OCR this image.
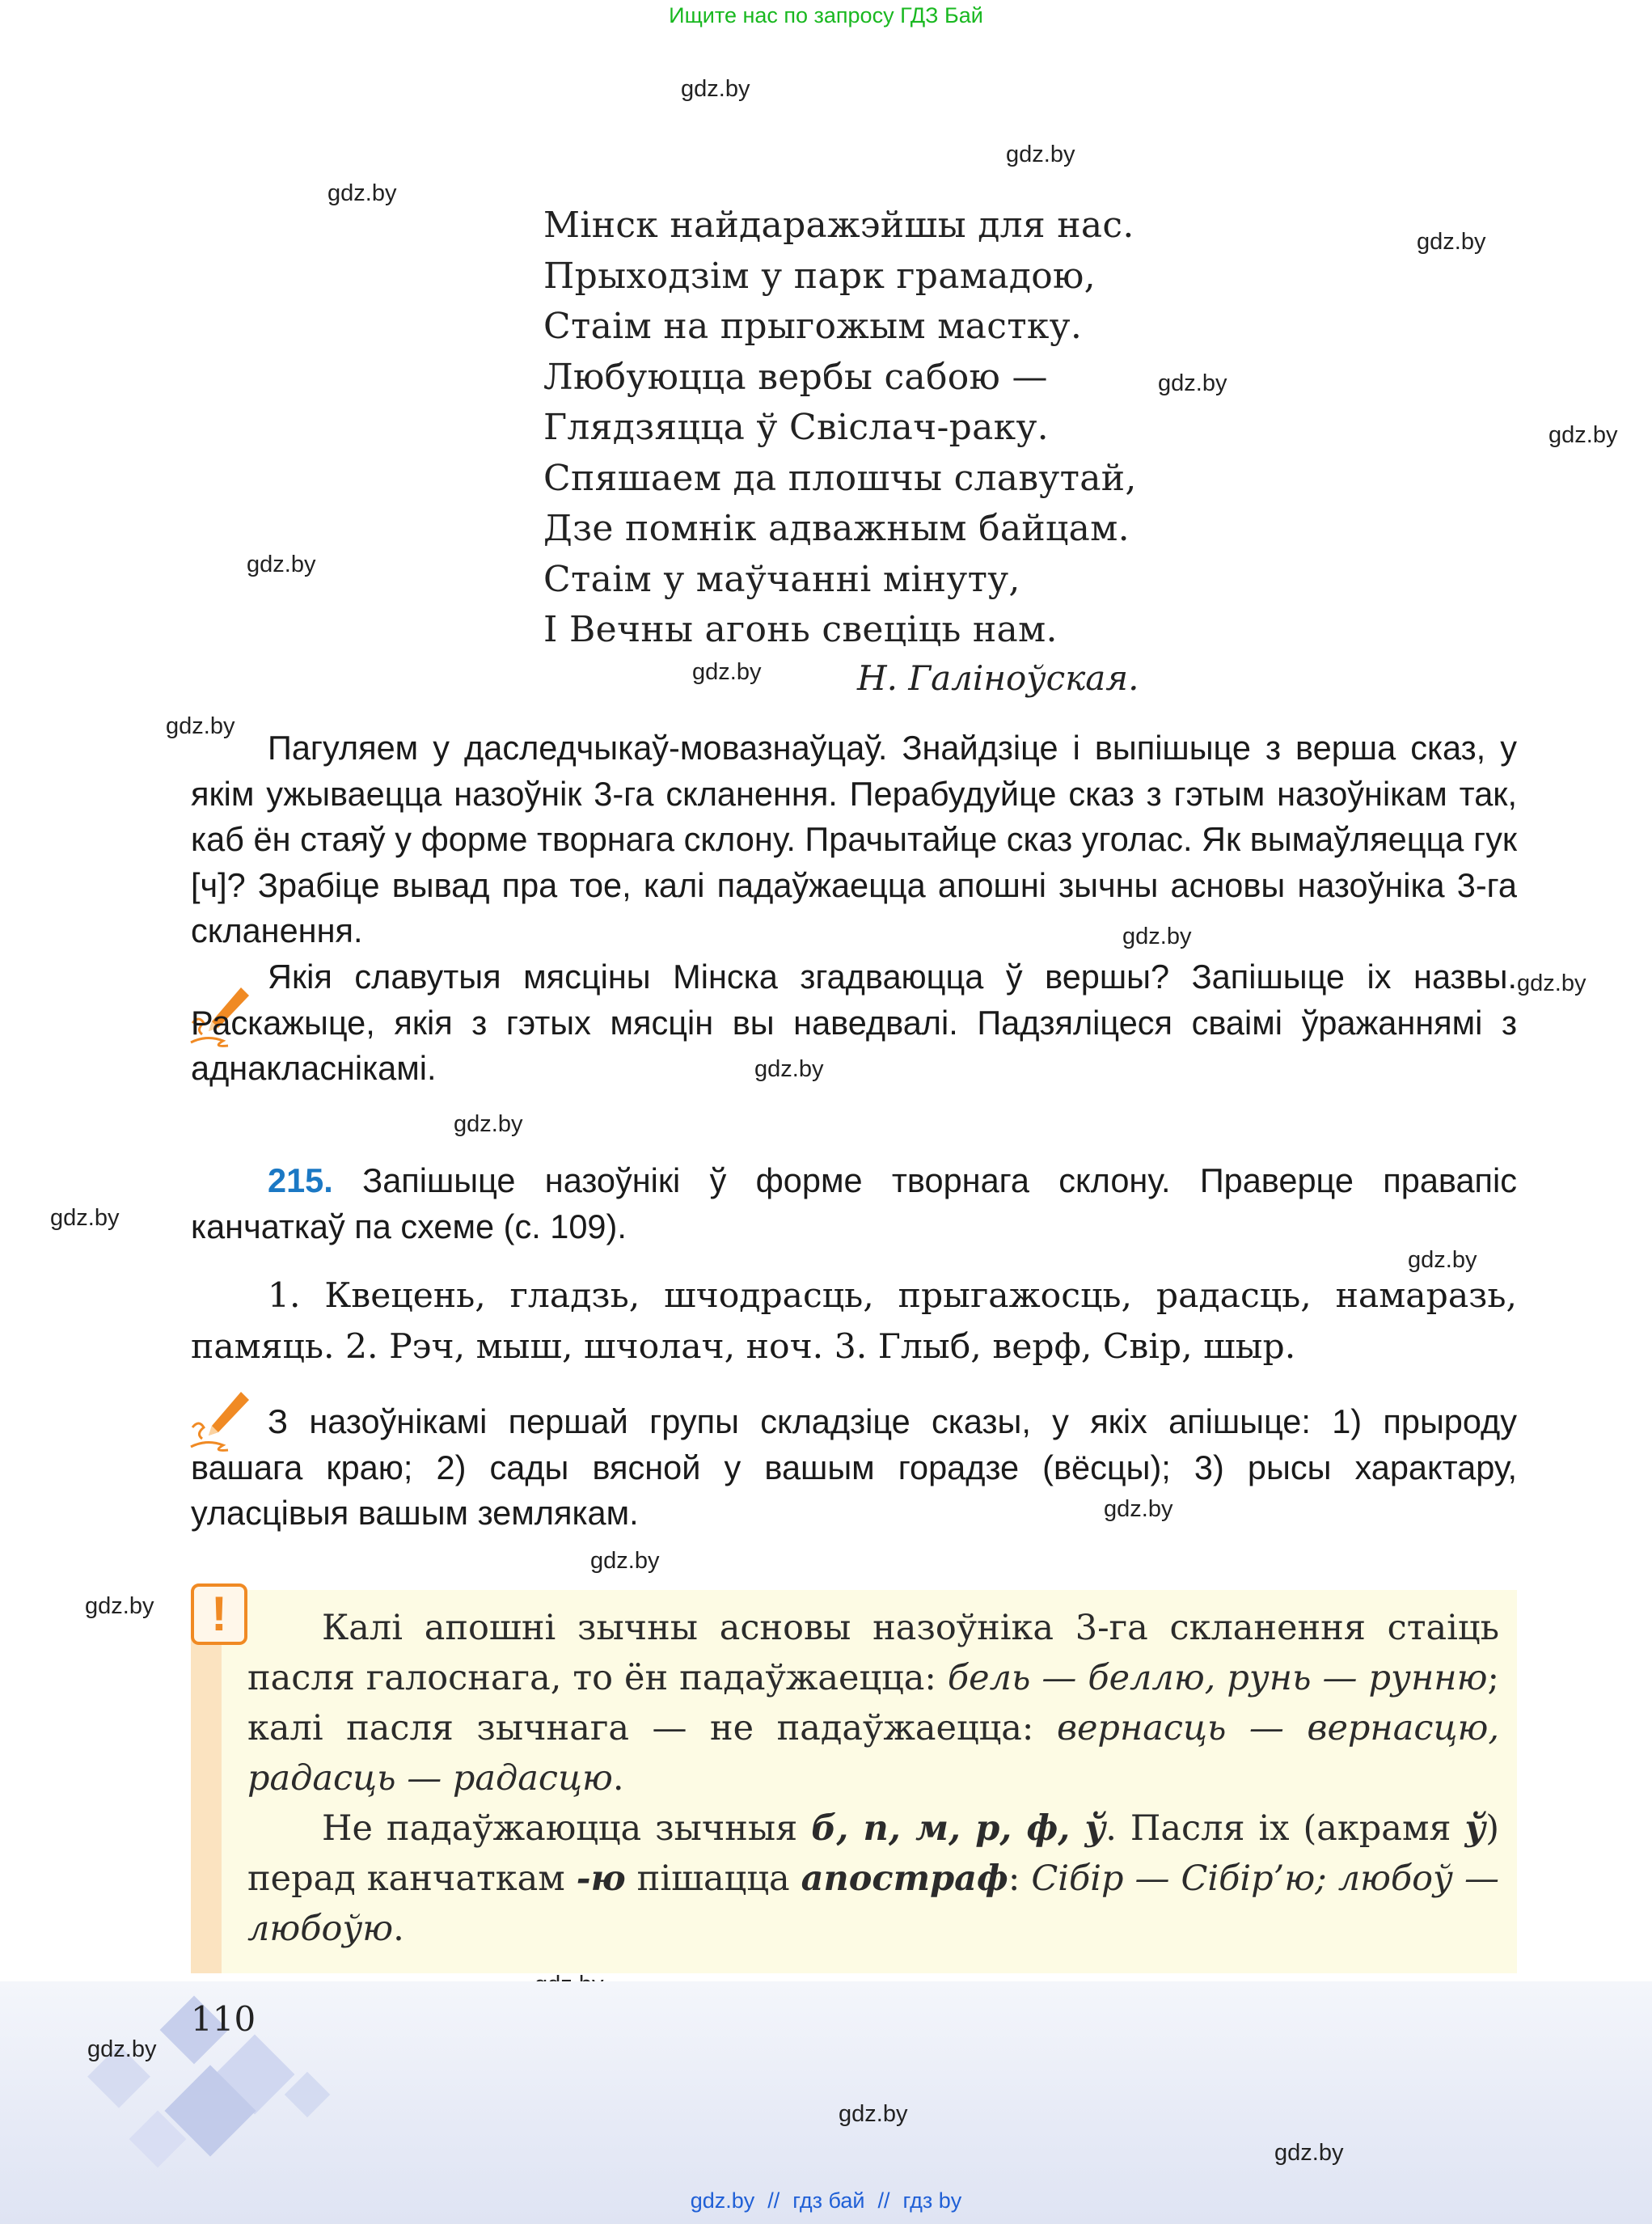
Ищите нас по запросу ГДЗ Бай
gdz.by
gdz.by
gdz.by
gdz.by
gdz.by
gdz.by
gdz.by
gdz.by
gdz.by
gdz.by
gdz.by
gdz.by
gdz.by
gdz.by
gdz.by
gdz.by
gdz.by
gdz.by
Мінск найдаражэйшы для нас.
Прыходзім у парк грамадою,
Стаім на прыгожым мастку.
Любуюцца вербы сабою —
Глядзяцца ў Свіслач-раку.
Спяшаем да плошчы славутай,
Дзе помнік адважным байцам.
Стаім у маўчанні мінуту,
І Вечны агонь свеціць нам.
Н. Галіноўская.
Пагуляем у даследчыкаў-мовазнаўцаў. Знайдзіце і выпішыце з верша сказ, у якім ужываецца назоўнік 3-га скланення. Перабудуйце сказ з гэтым назоўнікам так, каб ён стаяў у форме творнага склону. Прачытайце сказ уголас. Як вымаўляецца гук [ч]? Зрабіце вывад пра тое, калі падаўжаецца апошні зычны асновы назоўніка 3-га скланення.
Якія славутыя мясціны Мінска згадваюцца ў вершы? Запішыце іх назвы. Раскажыце, якія з гэтых мясцін вы наведвалі. Падзяліцеся сваімі ўражаннямі з аднакласнікамі.
215. Запішыце назоўнікі ў форме творнага склону. Праверце правапіс канчаткаў па схеме (с. 109).
1. Квецень, гладзь, шчодрасць, прыгажосць, радасць, намаразь, памяць. 2. Рэч, мыш, шчолач, ноч. 3. Глыб, верф, Свір, шыр.
З назоўнікамі першай групы складзіце сказы, у якіх апішыце: 1) прыроду вашага краю; 2) сады вясной у вашым горадзе (вёсцы); 3) рысы характару, уласцівыя вашым землякам.
!	Калі апошні зычны асновы назоўніка 3-га скланення стаіць пасля галоснага, то ён падаўжаецца: бель — беллю, рунь — рунню; калі пасля зычнага — не падаўжаецца: вернасць — вернасцю, радасць — радасцю.

Не падаўжаюцца зычныя б, п, м, р, ф, ў. Пасля іх (акрамя ў) перад канчаткам -ю пішацца апостраф: Сібір — Сібір’ю; любоў — любоўю.

110
gdz.by
gdz.by
gdz.by
gdz.by // гдз бай // гдз by
